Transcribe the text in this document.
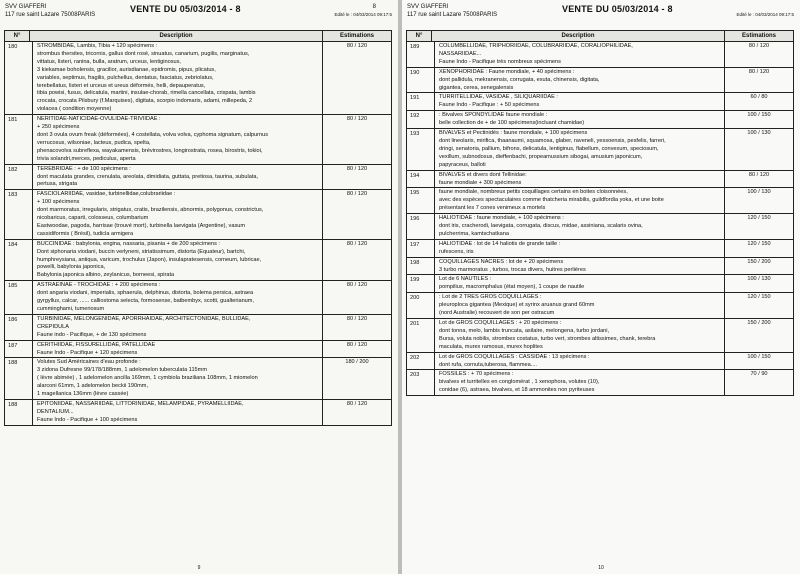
SVV GIAFFERI
117 rue saint Lazare 75008PARIS
VENTE DU 05/03/2014 - 8	8
Edité le : 04/03/2014 09:17:5
N°	Description	Estimations
180	STROMBIDAE, Lambis, Tibia + 120 spécimens :
strombus thersites, tricornis, gallus dont rosé, sinuatus, canarium, pugilis, marginatus,
vittatus, listeri, ranina, bulla, aratrum, urceus, lentiginosus,
3 kiekamae boholensis, gracilior, aurisdianae, epidromis, pipus, plicatus,
variables, septimus, fragilis, pulchellus, dentatus, fasciatus, zebriolatus,
terebellatus, listeri et urceus et ureus déformés, helli, depauperatus,
tibia powisi, fusus, delicatula, martini, insulae-chorab, rimella cancellata, crispata, lambis
crocata, crocata Pilsbury (f.Marquises), digitata, scorpio indomaris, adami, millepeda, 2
violacea ( condition moyenne)
80 / 120
181	NERITIDAE-NATICIDAE-OVULIDAE-TRIVIIDAE :
+ 250 spécimens
dont 3 ovula ovum freak (déformées), 4 costellata, volva volva, cyphoma signatum, calpurnus
verrucosus, wilsoniae, lacteus, pudica, spelta,
phenacovolva subreflexa, wayakamensis, brévirostres, longirostrata, rosea, birostris, tokioi,
trivia solandri,merces, pediculus, aperta
80 / 120
182	TEREBRIDAE : + de 100 spécimens :
dont maculata grandes, crenulata, areolata, dimidiata, guttata, pretiosa, taurina, subulata,
pertusa, strigata
80 / 120
183	FASCIOLARIIDAE, vasidae, turbinellidae,colubrariidae :
+ 100 spécimens
dont marmoratus, irregularis, strigatus, cratis, brazilensis, abnormis, polygonus, constrictus,
nicobaricus, caparti, colosseus, columbarium
Eastwoodae, pagoda, harrisae (trouvé mort), turbinella laevigata (Argentine), vasum
cassidiformis ( Brésil), tudicla armigera
80 / 120
184	BUCCINIDAE : babylonia, engina, nassaria, pisania + de 200 spécimens :
Dont siphonaria viodani, buccin verlyneni, striatissimum, distorta (Equateur), bartchi,
humphreysiana, antiqua, varicum, trochulus (Japon), insulapratesensis, corneum, lubricae,
powelli, babylonia japonica,
Babylonia japonica albino, zeylanicus, borneesi, spirata
80 / 120
185	ASTRAEINAE - TROCHIDAE : + 200 spécimens :
dont angaria viodani, imperialis, sphaerula, delphinus, distorta, bolema persica, astraea
gyrgyllus, calcar, ...... calliostoma selecta, formosense, batbembyx, scotti, gualterianum,
cumminghami, tumeriosum
80 / 120
186	TURBINIDAE, MELONGENIDAE, APORRHAIDAE, ARCHITECTONIDAE, BULLIDAE,
CREPIDULA
Faune indo - Pacifique, + de 130 spécimens
80 / 120
187	CERITHIIDAE, FISSURELLIDAE, PATELLIDAE
Faune Indo - Pacifique + 120 spécimens
80 / 120
188	Volutes Sud Américaines d'eau profonde :
3 zidona Dufresne 99/178/188mm, 1 adelomelon tuberculata 115mm
( lèvre abimée) , 1 adelomelon ancilla 169mm, 1 cymbiola braziliana 108mm, 1 miomelon
alarconi 61mm, 1 adelomelon beckii 190mm,
1 magellanica 136mm (lèvre cassée)
180 / 200
188	EPITONIIDAE, NASSARIIDAE, LITTORINIDAE, MELAMPIDAE, PYRAMELLIIDAE,
DENTALIUM...
Faune Indo - Pacifique + 100 spécimens
80 / 120
9
SVV GIAFFERI
117 rue saint Lazare 75008PARIS
VENTE DU 05/03/2014 - 8
Edité le : 04/03/2014 09:17:5
N°	Description	Estimations
189	COLUMBELLIDAE, TRIPHORIIDAE, COLUBRARIIDAE, CORALIOPHILIDAE,
NASSARIIDAE...
Faune Indo - Pacifique très nombreux spécimens
80 / 120
190	XENOPHORIDAE : Faune mondiale, + 40 spécimens :
dont pallidula, mekranensis, corrugata, exuta, chinensis, digitata,
gigantea, cerea, senegalensis
80 / 120
191	TURRITELLIDAE, VASIDAE , SILIQUARIIDAE :
Faune Indo - Pacifique : + 50 spécimens
60 / 80
192	: Bivalves SPONDYLIDAE faune mondiale :
belle collection de + de 100 spécimens(incluant chamidae)
100 / 150
193	BIVALVES et Pectinidés : faune mondiale, + 100 spécimens
dont lineolaris, mirifica, thaanaumi, squamosa, glaber, raveneli, yessoensis, pesfelis, farreri,
dringi, senatoria, pallium, bifrons, delicatula, lentiginus, flabellum, convexum, speciosum,
vexillum, subnodosus, dieffenbachi, propeamussium sibogai, amusium japonicum,
papyraceus, balloti
100 / 130
194	BIVALVES et divers dont Tellinidae:
faune mondiale + 300 spécimens
80 / 120
195	faune mondiale, nombreux petits coquillages certains en boites cloisonnées,
avec des espèces spectaculaires comme thatcheria mirabilis, guildfordia yoka, et une boite
présentant les 7 cones venimeux a mortels
100 / 130
196	HALIOTIDAE : faune mondiale, + 100 spécimens :
dont iris, cracherodi, laevigata, corrugata, discus, midae, assiniana, scalaris ovina,
pulcherrima, kamtschatkana
120 / 150
197	HALIOTIDAE : lot de 14 haliotis de grande taille :
rufescens, iris
120 / 150
198	COQUILLAGES NACRES : lot de + 20 spécimens
3 turbo marmoratus , turbos, trocas divers, huitres perlières
150 / 200
199	Lot de 6 NAUTILES :
pompilius, macromphalus (état moyen), 1 coupe de nautile
100 / 130
200	: Lot de 2 TRES GROS COQUILLAGES :
pleuroploca gigantea (Mexique) et syrinx aruanus grand 60mm
(nord Australie) recouvert de son per ostracum
120 / 150
201	Lot de GROS COQUILLAGES : + 20 spécimens :
dont tonna, melo, lambis truncata, asilaire, melongena, turbo jordani,
Bursa, voluta nobilis, strombes costatus, turbo vert, strombes altissimes, chank, terebra
maculata, murex ramosus, murex hoplites
150 / 200
202	Lot de GROS COQUILLAGES : CASSIDAE : 13 spécimens :
dont rufa, cornuta,tuberosa, flammea....
100 / 150
203	FOSSILES : + 70 spécimens :
bivalves et turritelles en conglomérat , 1 xenophora, volutes (10),
conidae (6), astraea, bivalves, et 18 ammonites non pyriteuses
70 / 90
10
